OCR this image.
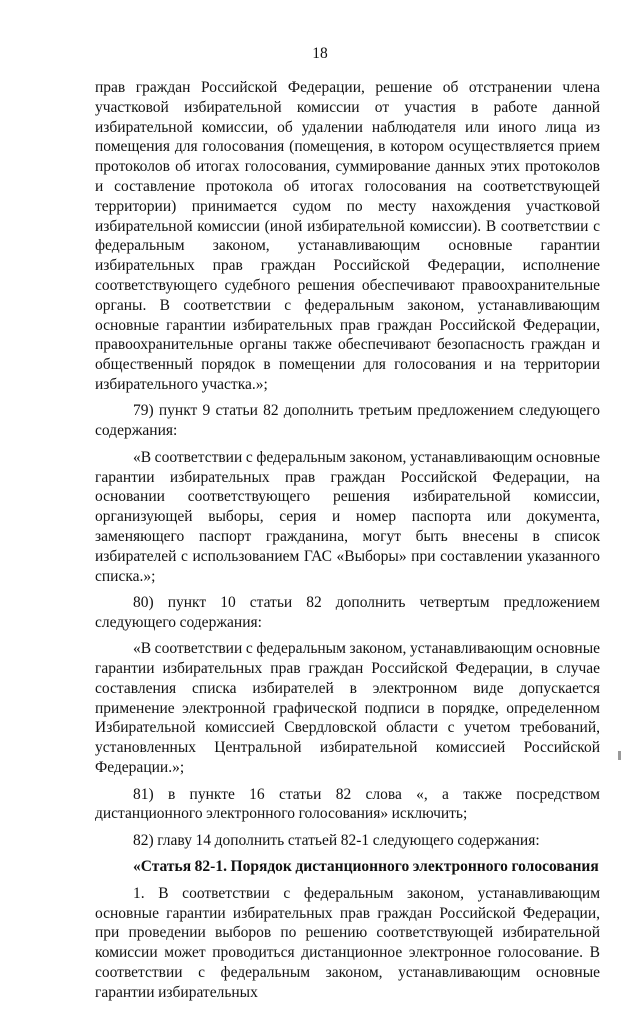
18

прав граждан Российской Федерации, решение об отстранении члена участковой избирательной комиссии от участия в работе данной избирательной комиссии, об удалении наблюдателя или иного лица из помещения для голосования (помещения, в котором осуществляется прием протоколов об итогах голосования, суммирование данных этих протоколов и составление протокола об итогах голосования на соответствующей территории) принимается судом по месту нахождения участковой избирательной комиссии (иной избирательной комиссии). В соответствии с федеральным законом, устанавливающим основные гарантии избирательных прав граждан Российской Федерации, исполнение соответствующего судебного решения обеспечивают правоохранительные органы. В соответствии с федеральным законом, устанавливающим основные гарантии избирательных прав граждан Российской Федерации, правоохранительные органы также обеспечивают безопасность граждан и общественный порядок в помещении для голосования и на территории избирательного участка.»;

79) пункт 9 статьи 82 дополнить третьим предложением следующего содержания:

«В соответствии с федеральным законом, устанавливающим основные гарантии избирательных прав граждан Российской Федерации, на основании соответствующего решения избирательной комиссии, организующей выборы, серия и номер паспорта или документа, заменяющего паспорт гражданина, могут быть внесены в список избирателей с использованием ГАС «Выборы» при составлении указанного списка.»;

80) пункт 10 статьи 82 дополнить четвертым предложением следующего содержания:

«В соответствии с федеральным законом, устанавливающим основные гарантии избирательных прав граждан Российской Федерации, в случае составления списка избирателей в электронном виде допускается применение электронной графической подписи в порядке, определенном Избирательной комиссией Свердловской области с учетом требований, установленных Центральной избирательной комиссией Российской Федерации.»;

81) в пункте 16 статьи 82 слова «, а также посредством дистанционного электронного голосования» исключить;

82) главу 14 дополнить статьей 82-1 следующего содержания:

«Статья 82-1. Порядок дистанционного электронного голосования

1. В соответствии с федеральным законом, устанавливающим основные гарантии избирательных прав граждан Российской Федерации, при проведении выборов по решению соответствующей избирательной комиссии может проводиться дистанционное электронное голосование. В соответствии с федеральным законом, устанавливающим основные гарантии избирательных
